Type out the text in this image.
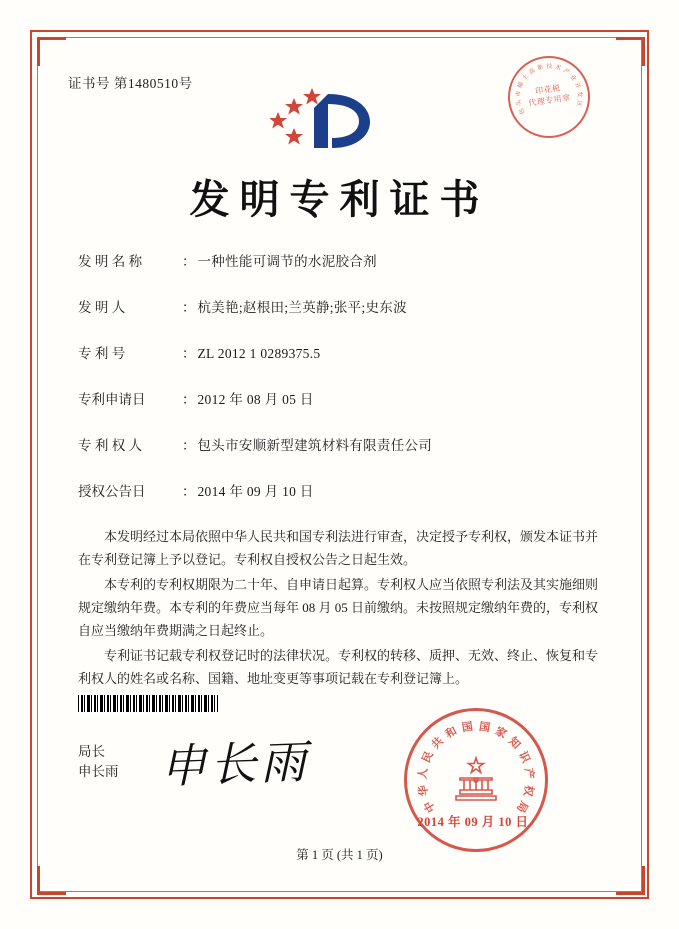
证书号 第1480510号
包
头
市
稀
土
高 新 技 术 产
业
开
发
区
印花税
代理专用章
发明专利证书
发 明 名 称	： 一种性能可调节的水泥胶合剂
发 明 人	： 杭美艳;赵根田;兰英静;张平;史东波
专 利 号	： ZL 2012 1 0289375.5
专利申请日	： 2012 年 08 月 05 日
专 利 权 人	： 包头市安顺新型建筑材料有限责任公司
授权公告日	： 2014 年 09 月 10 日

本发明经过本局依照中华人民共和国专利法进行审查，决定授予专利权，颁发本证书并在专利登记簿上予以登记。专利权自授权公告之日起生效。

本专利的专利权期限为二十年、自申请日起算。专利权人应当依照专利法及其实施细则规定缴纳年费。本专利的年费应当每年 08 月 05 日前缴纳。未按照规定缴纳年费的，专利权自应当缴纳年费期满之日起终止。

专利证书记载专利权登记时的法律状况。专利权的转移、质押、无效、终止、恢复和专利权人的姓名或名称、国籍、地址变更等事项记载在专利登记簿上。

局长
申长雨 申长雨
中
华
人
民
共
和 国 国 家
知
识
产
权
局
2014 年 09 月 10 日
第 1 页 (共 1 页)
